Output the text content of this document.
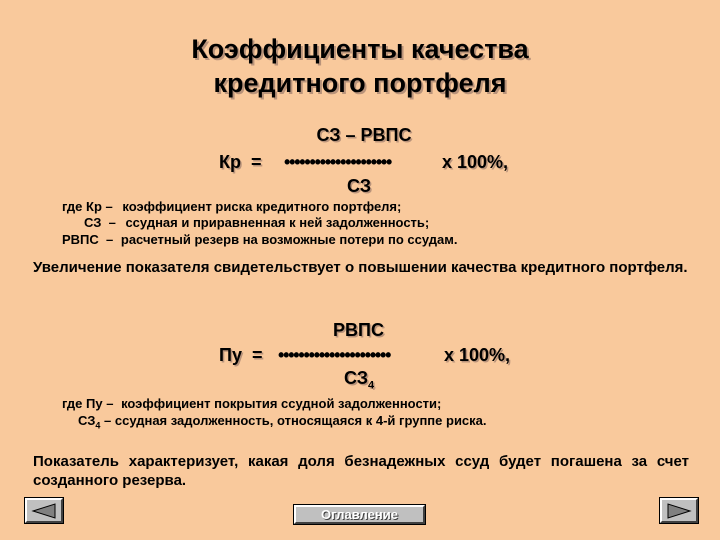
Коэффициенты качества
кредитного портфеля
СЗ – РВПС
Кр  = •••••••••••••••••••••	х 100%,
СЗ
где Кр – коэффициент риска кредитного портфеля;
СЗ  – ссудная и приравненная к ней задолженность;
РВПС  – расчетный резерв на возможные потери по ссудам.
Увеличение показателя свидетельствует о повышении качества кредитного портфеля.
РВПС
Пу  = ••••••••••••••••••••••	х 100%,
$СЗ_4$
где Пу – коэффициент покрытия ссудной задолженности;
$СЗ_4$ – ссудная задолженность, относящаяся к 4-й группе риска.
Показатель характеризует, какая доля безнадежных ссуд будет погашена за счет созданного резерва.
Оглавление
